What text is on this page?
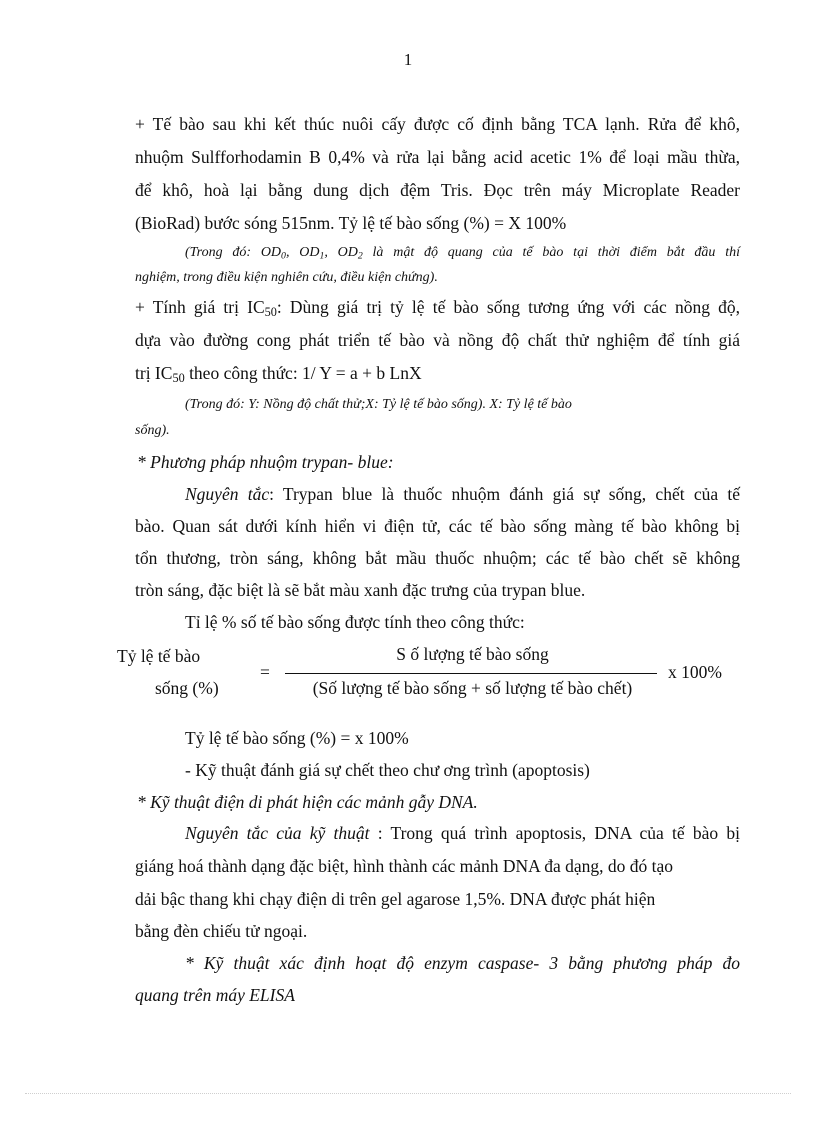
1
+ Tế bào sau khi kết thúc nuôi cấy được cố định bằng TCA lạnh. Rửa để khô,
nhuộm Sulfforhodamin B 0,4% và rửa lại bằng acid acetic 1% để loại mầu thừa,
để khô, hoà lại bằng dung dịch đệm Tris. Đọc trên máy Microplate Reader
(BioRad) bước sóng 515nm. Tỷ lệ tế bào sống (%) = X 100%
(Trong đó: $OD_0$, $OD_1$, $OD_2$ là mật độ quang của tế bào tại thời điểm bắt đầu thí
nghiệm, trong điều kiện nghiên cứu, điều kiện chứng).
+ Tính giá trị $IC_{50}$: Dùng giá trị tỷ lệ tế bào sống tương ứng với các nồng độ,
dựa vào đường cong phát triển tế bào và nồng độ chất thử nghiệm để tính giá
trị $IC_{50}$ theo công thức: 1/ Y = a + b LnX
(Trong đó: Y: Nồng độ chất thử;X: Tỷ lệ tế bào sống). X: Tỷ lệ tế bào
sống).
* Phương pháp nhuộm trypan- blue:
Nguyên tắc: Trypan blue là thuốc nhuộm đánh giá sự sống, chết của tế
bào. Quan sát dưới kính hiển vi điện tử, các tế bào sống màng tế bào không bị
tổn thương, tròn sáng, không bắt mầu thuốc nhuộm; các tế bào chết sẽ không
tròn sáng, đặc biệt là sẽ bắt màu xanh đặc trưng của trypan blue.
Tỉ lệ % số tế bào sống được tính theo công thức:
Tỷ lệ tế bào
sống (%)
=
S ố lượng tế bào sống
(Số lượng tế bào sống + số lượng tế bào chết)
x 100%
Tỷ lệ tế bào sống (%) = x 100%
- Kỹ thuật đánh giá sự chết theo chư ơng trình (apoptosis)
* Kỹ thuật điện di phát hiện các mảnh gẫy DNA.
Nguyên tắc của kỹ thuật : Trong quá trình apoptosis, DNA của tế bào bị
giáng hoá thành dạng đặc biệt, hình thành các mảnh DNA đa dạng, do đó tạo
dải bậc thang khi chạy điện di trên gel agarose 1,5%. DNA được phát hiện
bằng đèn chiếu tử ngoại.
* Kỹ thuật xác định hoạt độ enzym caspase- 3 bằng phương pháp đo
quang trên máy ELISA
